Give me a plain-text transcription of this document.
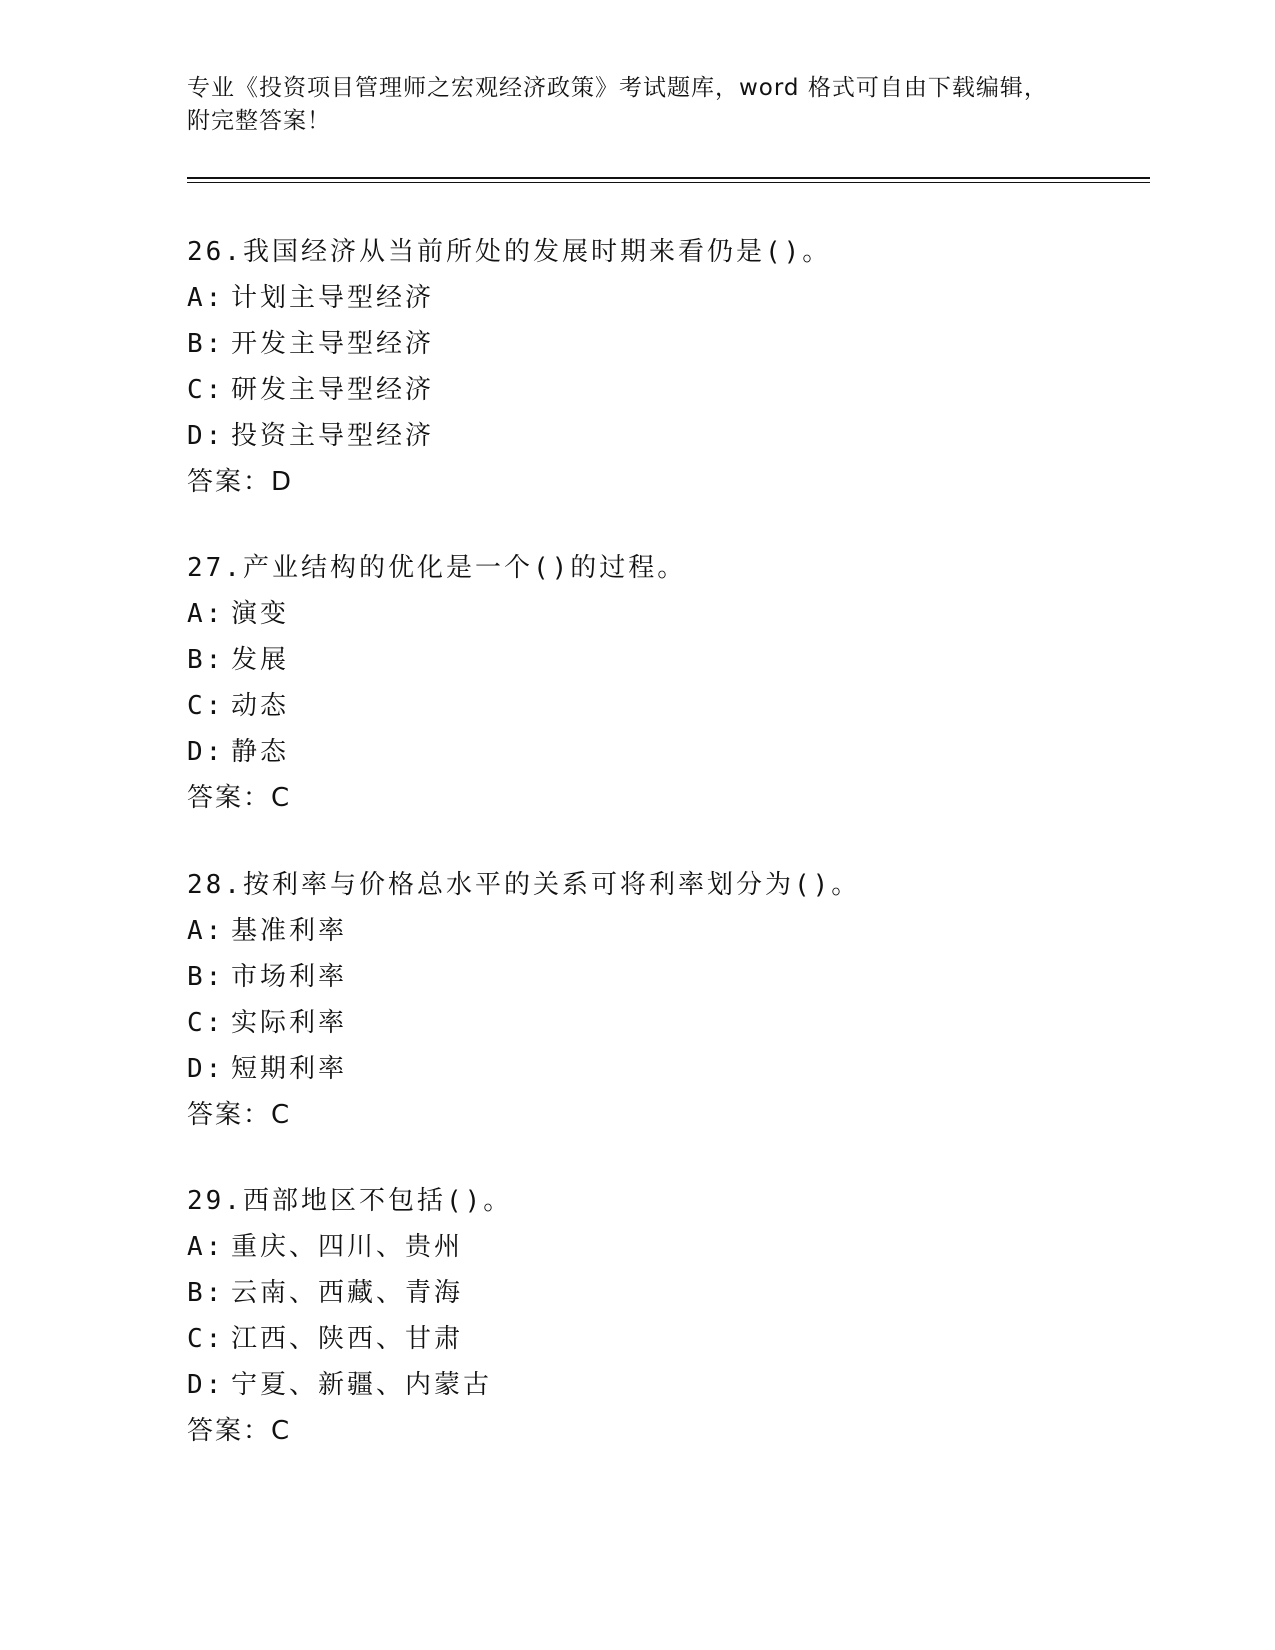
专业《投资项目管理师之宏观经济政策》考试题库，word 格式可自由下载编辑，
附完整答案！
26.我国经济从当前所处的发展时期来看仍是()。
A: 计划主导型经济
B: 开发主导型经济
C: 研发主导型经济
D: 投资主导型经济
答案：D
27.产业结构的优化是一个()的过程。
A: 演变
B: 发展
C: 动态
D: 静态
答案：C
28.按利率与价格总水平的关系可将利率划分为()。
A: 基准利率
B: 市场利率
C: 实际利率
D: 短期利率
答案：C
29.西部地区不包括()。
A: 重庆、四川、贵州
B: 云南、西藏、青海
C: 江西、陕西、甘肃
D: 宁夏、新疆、内蒙古
答案：C
